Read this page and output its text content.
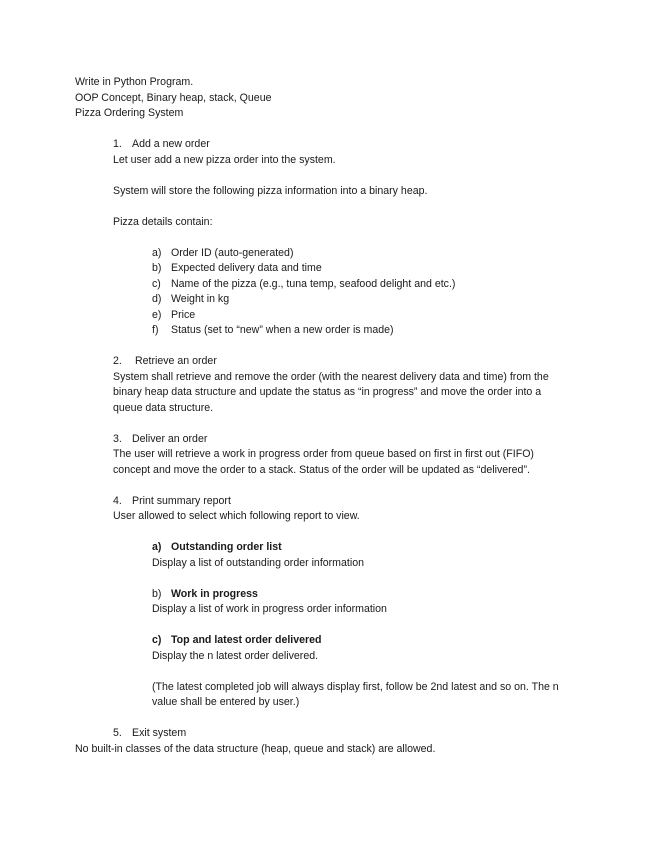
Write in Python Program.
OOP Concept, Binary heap, stack, Queue
Pizza Ordering System
1. Add a new order
Let user add a new pizza order into the system.
System will store the following pizza information into a binary heap.
Pizza details contain:
a) Order ID (auto-generated)
b) Expected delivery data and time
c) Name of the pizza (e.g., tuna temp, seafood delight and etc.)
d) Weight in kg
e) Price
f) Status (set to “new” when a new order is made)
2. Retrieve an order
System shall retrieve and remove the order (with the nearest delivery data and time) from the
binary heap data structure and update the status as “in progress” and move the order into a
queue data structure.
3. Deliver an order
The user will retrieve a work in progress order from queue based on first in first out (FIFO)
concept and move the order to a stack. Status of the order will be updated as “delivered”.
4. Print summary report
User allowed to select which following report to view.
a) Outstanding order list
Display a list of outstanding order information
b) Work in progress
Display a list of work in progress order information
c) Top and latest order delivered
Display the n latest order delivered.
(The latest completed job will always display first, follow be 2nd latest and so on. The n
value shall be entered by user.)
5. Exit system
No built-in classes of the data structure (heap, queue and stack) are allowed.
